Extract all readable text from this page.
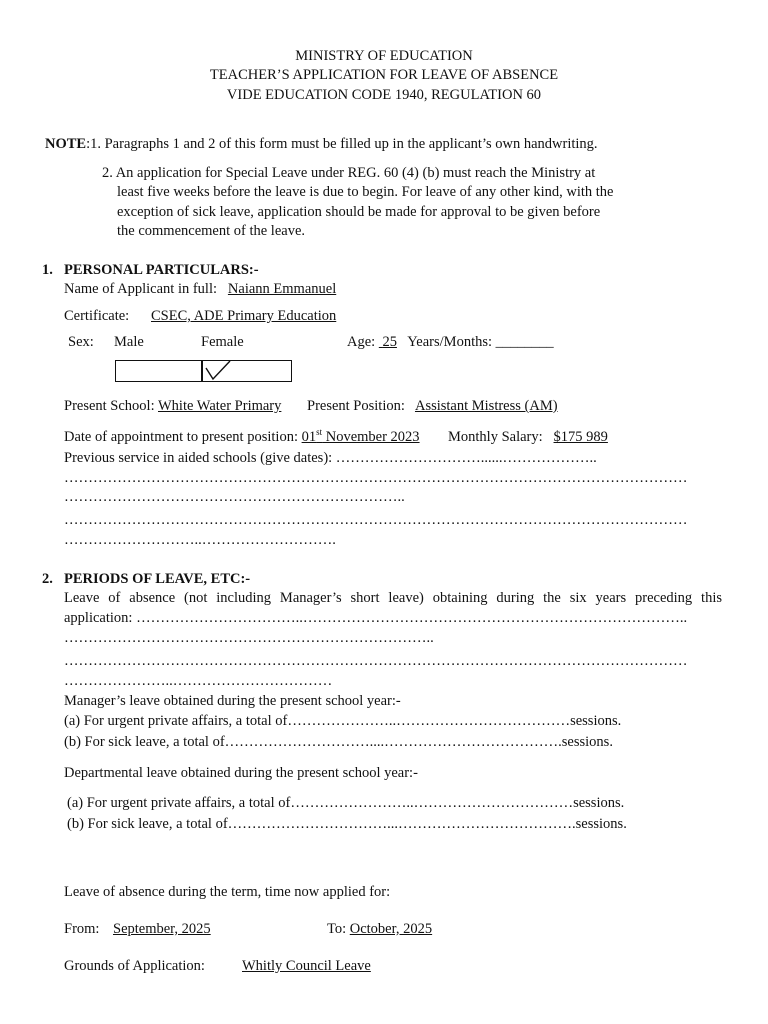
MINISTRY OF EDUCATION
TEACHER’S APPLICATION FOR LEAVE OF ABSENCE
VIDE EDUCATION CODE 1940, REGULATION 60
NOTE:1. Paragraphs 1 and 2 of this form must be filled up in the applicant’s own handwriting.
2. An application for Special Leave under REG. 60 (4) (b) must reach the Ministry at
least five weeks before the leave is due to begin. For leave of any other kind, with the
exception of sick leave, application should be made for approval to be given before
the commencement of the leave.
1. PERSONAL PARTICULARS:-
Name of Applicant in full: Naiann Emmanuel
Certificate: CSEC, ADE Primary Education
Sex: Male	Female	Age: 25 Years/Months: ________
Present School: White Water Primary Present Position: Assistant Mistress (AM)
Date of appointment to present position: 01st November 2023 Monthly Salary: $175 989
Previous service in aided schools (give dates): …………………………......………………..
…………………………………………………………………………………………………………………
……………………………………………………………..
…………………………………………………………………………………………………………………
………………………..……………………….
2. PERIODS OF LEAVE, ETC:-
Leave of absence (not including Manager’s short leave) obtaining during the six years preceding this
application: ……………………………..……………………………………………………………………..
…………………………………………………………………..
…………………………………………………………………………………………………………………
…………………..……………………………
Manager’s leave obtained during the present school year:-
(a) For urgent private affairs, a total of…………………..………………………………sessions.
(b) For sick leave, a total of…………………………....……………………………….sessions.
Departmental leave obtained during the present school year:-
(a) For urgent private affairs, a total of……………………..……………………………sessions.
(b) For sick leave, a total of……………………………...……………………………….sessions.
Leave of absence during the term, time now applied for:
From: September, 2025	To: October, 2025
Grounds of Application:	Whitly Council Leave
